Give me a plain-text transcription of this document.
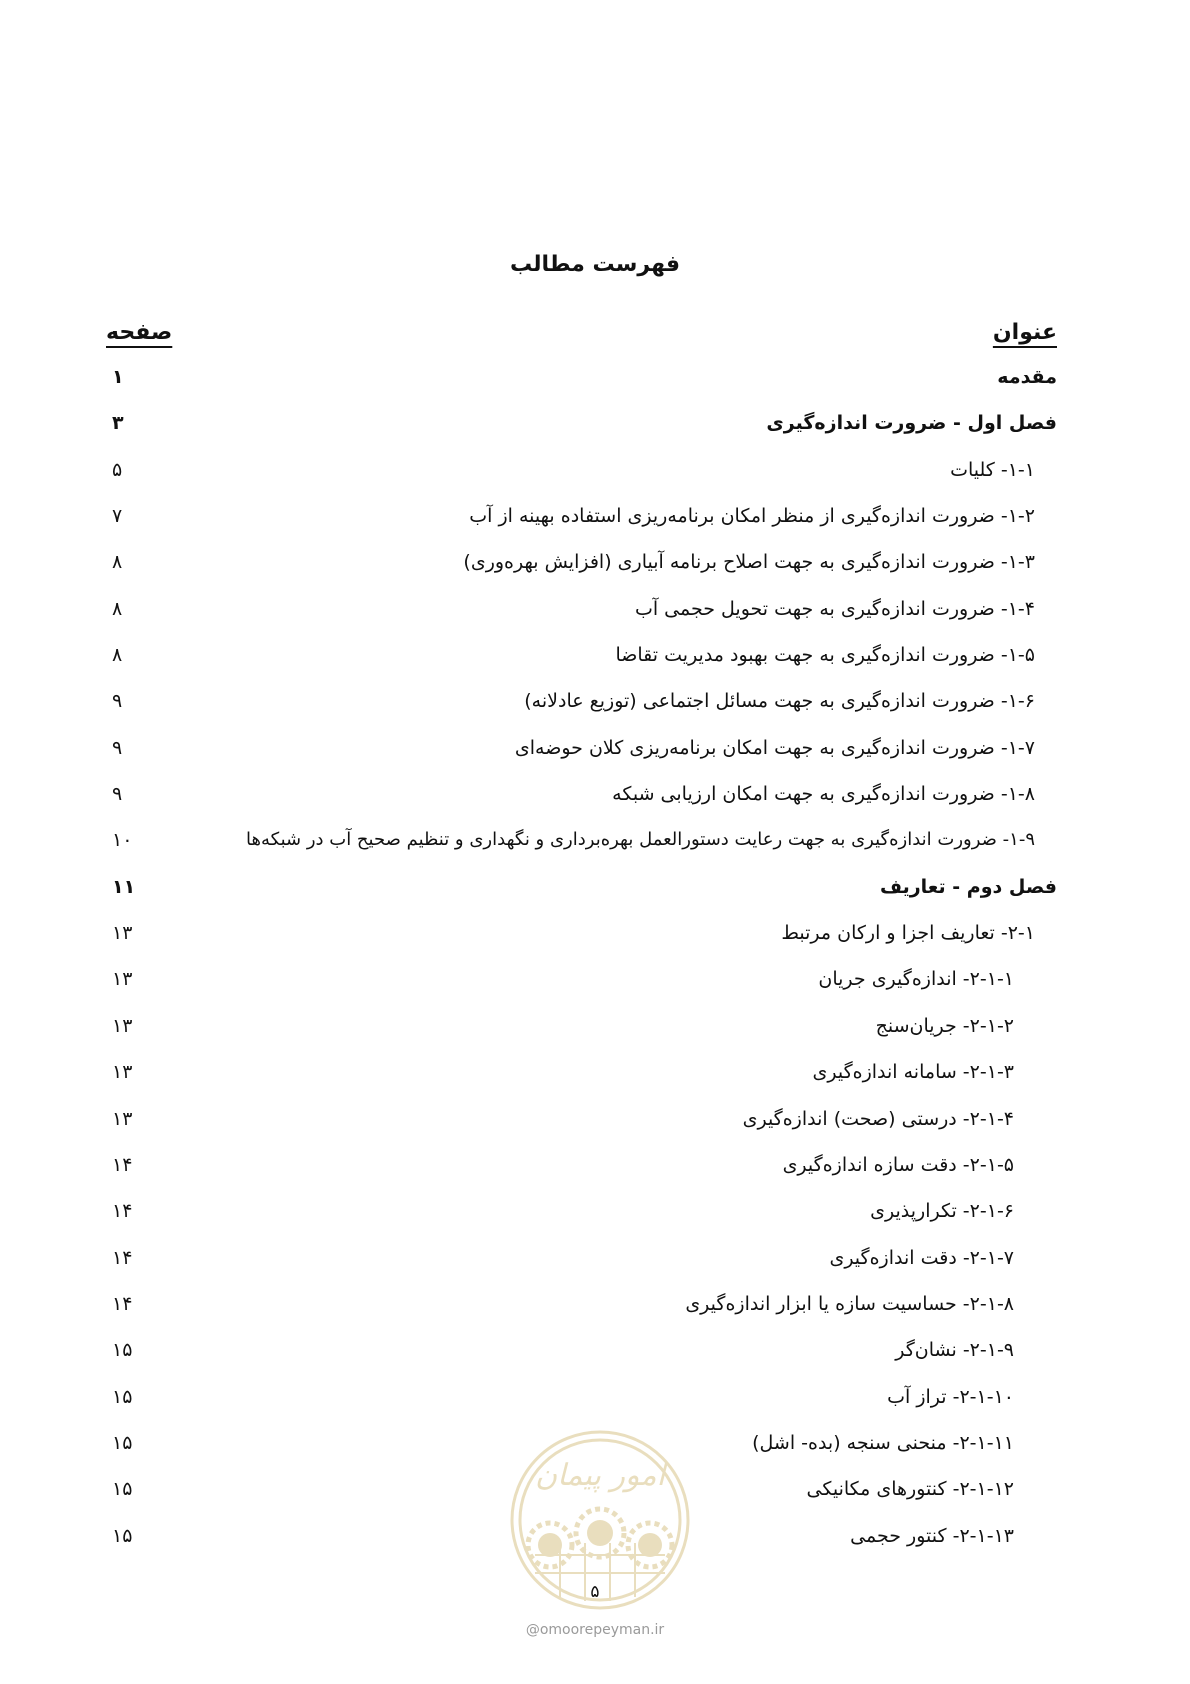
فهرست مطالب
عنوان
صفحه
مقدمه
۱
فصل اول - ضرورت اندازه‌گیری
۳
۱-۱- کلیات
۵
۱-۲- ضرورت اندازه‌گیری از منظر امکان برنامه‌ریزی استفاده بهینه از آب
۷
۱-۳- ضرورت اندازه‌گیری به جهت اصلاح برنامه آبیاری (افزایش بهره‌وری)
۸
۱-۴- ضرورت اندازه‌گیری به جهت تحویل حجمی آب
۸
۱-۵- ضرورت اندازه‌گیری به جهت بهبود مدیریت تقاضا
۸
۱-۶- ضرورت اندازه‌گیری به جهت مسائل اجتماعی (توزیع عادلانه)
۹
۱-۷- ضرورت اندازه‌گیری به جهت امکان برنامه‌ریزی کلان حوضه‌ای
۹
۱-۸- ضرورت اندازه‌گیری به جهت امکان ارزیابی شبکه
۹
۱-۹- ضرورت اندازه‌گیری به جهت رعایت دستورالعمل بهره‌برداری و نگهداری و تنظیم صحیح آب در شبکه‌ها
۱۰
فصل دوم - تعاریف
۱۱
۲-۱- تعاریف اجزا و ارکان مرتبط
۱۳
۲-۱-۱- اندازه‌گیری جریان
۱۳
۲-۱-۲- جریان‌سنج
۱۳
۲-۱-۳- سامانه اندازه‌گیری
۱۳
۲-۱-۴- درستی (صحت) اندازه‌گیری
۱۳
۲-۱-۵- دقت سازه اندازه‌گیری
۱۴
۲-۱-۶- تکرارپذیری
۱۴
۲-۱-۷- دقت اندازه‌گیری
۱۴
۲-۱-۸- حساسیت سازه یا ابزار اندازه‌گیری
۱۴
۲-۱-۹- نشان‌گر
۱۵
۲-۱-۱۰- تراز آب
۱۵
۲-۱-۱۱- منحنی سنجه (بده- اشل)
۱۵
۲-۱-۱۲- کنتورهای مکانیکی
۱۵
۲-۱-۱۳- کنتور حجمی
۱۵
امور پیمان
۵
@omoorepeyman.ir
